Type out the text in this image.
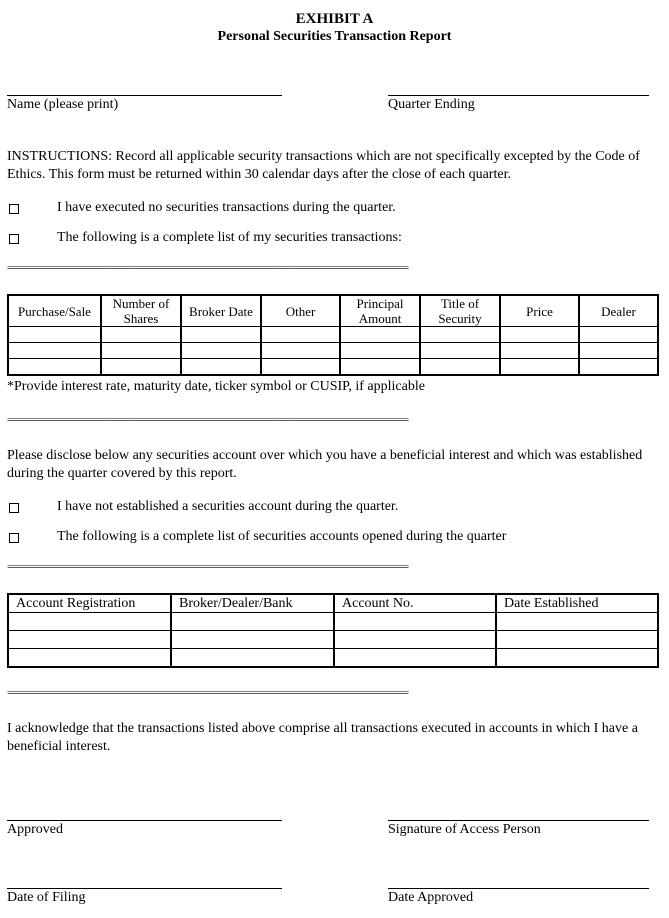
EXHIBIT A
Personal Securities Transaction Report
Name (please print)	Quarter Ending
INSTRUCTIONS: Record all applicable security transactions which are not specifically excepted by the Code of Ethics. This form must be returned within 30 calendar days after the close of each quarter.
I have executed no securities transactions during the quarter.
The following is a complete list of my securities transactions:
=======================================================================================
Purchase/Sale	Number of Shares	Broker Date	Other	Principal Amount	Title of Security	Price	Dealer

*Provide interest rate, maturity date, ticker symbol or CUSIP, if applicable
=======================================================================================
Please disclose below any securities account over which you have a beneficial interest and which was established during the quarter covered by this report.
I have not established a securities account during the quarter.
The following is a complete list of securities accounts opened during the quarter
=======================================================================================
Account Registration	Broker/Dealer/Bank	Account No.	Date Established

=======================================================================================
I acknowledge that the transactions listed above comprise all transactions executed in accounts in which I have a beneficial interest.
Approved	Signature of Access Person
Date of Filing	Date Approved
